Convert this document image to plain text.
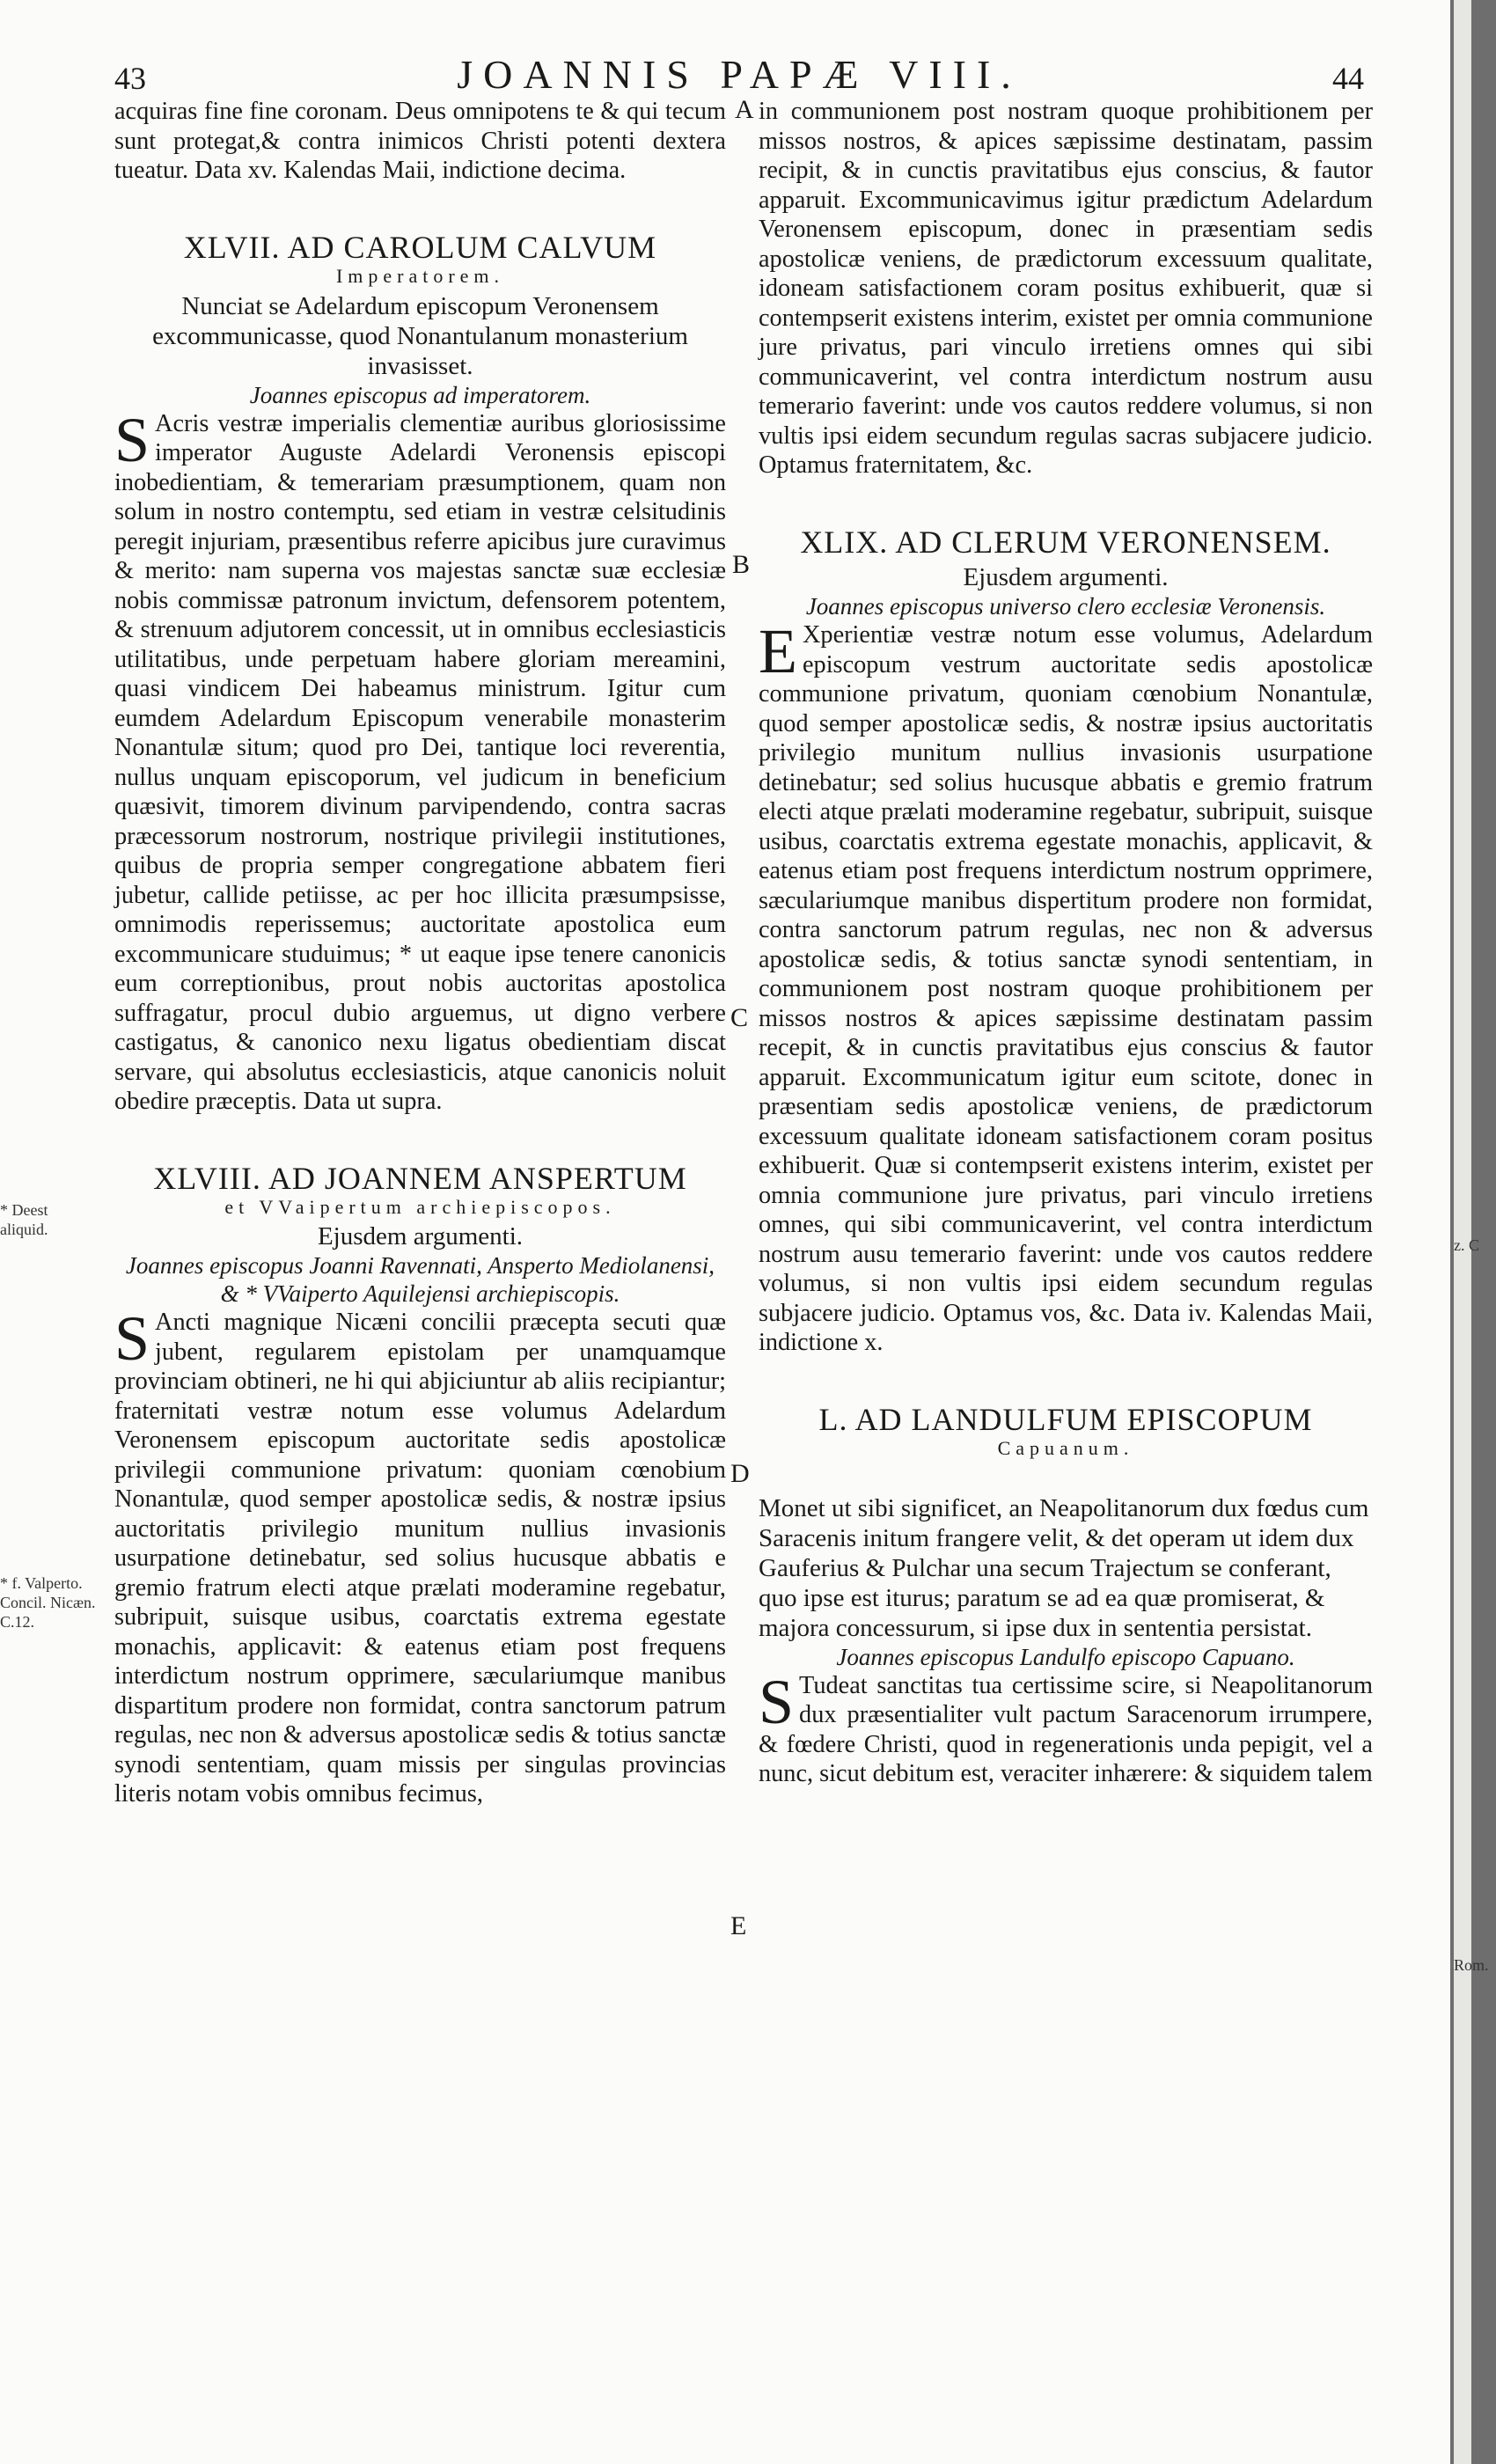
43	JOANNIS PAPÆ VIII.	44

acquiras fine fine coronam. Deus omnipotens te & qui tecum sunt protegat,& contra inimicos Christi potenti dextera tueatur. Data xv. Kalendas Maii, indictione decima.

XLVII. AD CAROLUM CALVUM
Imperatorem.

Nunciat se Adelardum episcopum Veronensem excommunicasse, quod Nonantulanum monasterium invasisset.

Joannes episcopus ad imperatorem.

S Acris vestræ imperialis clementiæ auribus gloriosissime imperator Auguste Adelardi Veronensis episcopi inobedientiam, & temerariam præsumptionem, quam non solum in nostro contemptu, sed etiam in vestræ celsitudinis peregit injuriam, præsentibus referre apicibus jure curavimus & merito: nam superna vos majestas sanctæ suæ ecclesiæ nobis commissæ patronum invictum, defensorem potentem, & strenuum adjutorem concessit, ut in omnibus ecclesiasticis utilitatibus, unde perpetuam habere gloriam mereamini, quasi vindicem Dei habeamus ministrum. Igitur cum eumdem Adelardum Episcopum venerabile monasterim Nonantulæ situm; quod pro Dei, tantique loci reverentia, nullus unquam episcoporum, vel judicum in beneficium quæsivit, timorem divinum parvipendendo, contra sacras præcessorum nostrorum, nostrique privilegii institutiones, quibus de propria semper congregatione abbatem fieri jubetur, callide petiisse, ac per hoc illicita præsumpsisse, omnimodis reperissemus; auctoritate apostolica eum excommunicare studuimus; * ut eaque ipse tenere canonicis eum correptionibus, prout nobis auctoritas apostolica suffragatur, procul dubio arguemus, ut digno verbere castigatus, & canonico nexu ligatus obedientiam discat servare, qui absolutus ecclesiasticis, atque canonicis noluit obedire præceptis. Data ut supra.

XLVIII. AD JOANNEM ANSPERTUM
et VVaipertum archiepiscopos.

Ejusdem argumenti.

Joannes episcopus Joanni Ravennati, Ansperto Mediolanensi, & * VVaiperto Aquilejensi archiepiscopis.

S Ancti magnique Nicæni concilii præcepta secuti quæ jubent, regularem epistolam per unamquamque provinciam obtineri, ne hi qui abjiciuntur ab aliis recipiantur; fraternitati vestræ notum esse volumus Adelardum Veronensem episcopum auctoritate sedis apostolicæ privilegii communione privatum: quoniam cœnobium Nonantulæ, quod semper apostolicæ sedis, & nostræ ipsius auctoritatis privilegio munitum nullius invasionis usurpatione detinebatur, sed solius hucusque abbatis e gremio fratrum electi atque prælati moderamine regebatur, subripuit, suisque usibus, coarctatis extrema egestate monachis, applicavit: & eatenus etiam post frequens interdictum nostrum opprimere, sæculariumque manibus dispartitum prodere non formidat, contra sanctorum patrum regulas, nec non & adversus apostolicæ sedis & totius sanctæ synodi sententiam, quam missis per singulas provincias literis notam vobis omnibus fecimus,

in communionem post nostram quoque prohibitionem per missos nostros, & apices sæpissime destinatam, passim recipit, & in cunctis pravitatibus ejus conscius, & fautor apparuit. Excommunicavimus igitur prædictum Adelardum Veronensem episcopum, donec in præsentiam sedis apostolicæ veniens, de prædictorum excessuum qualitate, idoneam satisfactionem coram positus exhibuerit, quæ si contempserit existens interim, existet per omnia communione jure privatus, pari vinculo irretiens omnes qui sibi communicaverint, vel contra interdictum nostrum ausu temerario faverint: unde vos cautos reddere volumus, si non vultis ipsi eidem secundum regulas sacras subjacere judicio. Optamus fraternitatem, &c.

XLIX. AD CLERUM VERONENSEM.

Ejusdem argumenti.

Joannes episcopus universo clero ecclesiæ Veronensis.

E Xperientiæ vestræ notum esse volumus, Adelardum episcopum vestrum auctoritate sedis apostolicæ communione privatum, quoniam cœnobium Nonantulæ, quod semper apostolicæ sedis, & nostræ ipsius auctoritatis privilegio munitum nullius invasionis usurpatione detinebatur; sed solius hucusque abbatis e gremio fratrum electi atque prælati moderamine regebatur, subripuit, suisque usibus, coarctatis extrema egestate monachis, applicavit, & eatenus etiam post frequens interdictum nostrum opprimere, sæculariumque manibus dispertitum prodere non formidat, contra sanctorum patrum regulas, nec non & adversus apostolicæ sedis, & totius sanctæ synodi sententiam, in communionem post nostram quoque prohibitionem per missos nostros & apices sæpissime destinatam passim recepit, & in cunctis pravitatibus ejus conscius & fautor apparuit. Excommunicatum igitur eum scitote, donec in præsentiam sedis apostolicæ veniens, de prædictorum excessuum qualitate idoneam satisfactionem coram positus exhibuerit. Quæ si contempserit existens interim, existet per omnia communione jure privatus, pari vinculo irretiens omnes, qui sibi communicaverint, vel contra interdictum nostrum ausu temerario faverint: unde vos cautos reddere volumus, si non vultis ipsi eidem secundum regulas subjacere judicio. Optamus vos, &c. Data iv. Kalendas Maii, indictione x.

L. AD LANDULFUM EPISCOPUM
Capuanum.

Monet ut sibi significet, an Neapolitanorum dux fœdus cum Saracenis initum frangere velit, & det operam ut idem dux Gauferius & Pulchar una secum Trajectum se conferant, quo ipse est iturus; paratum se ad ea quæ promiserat, & majora concessurum, si ipse dux in sententia persistat.

Joannes episcopus Landulfo episcopo Capuano.

S Tudeat sanctitas tua certissime scire, si Neapolitanorum dux præsentialiter vult pactum Saracenorum irrumpere, & fœdere Christi, quod in regenerationis unda pepigit, vel a nunc, sicut debitum est, veraciter inhærere: & siquidem talem

A
B
C
D
E
* Deest aliquid.
* f. Valperto. Concil. Nicæn. C.12.
z. C
Rom.
